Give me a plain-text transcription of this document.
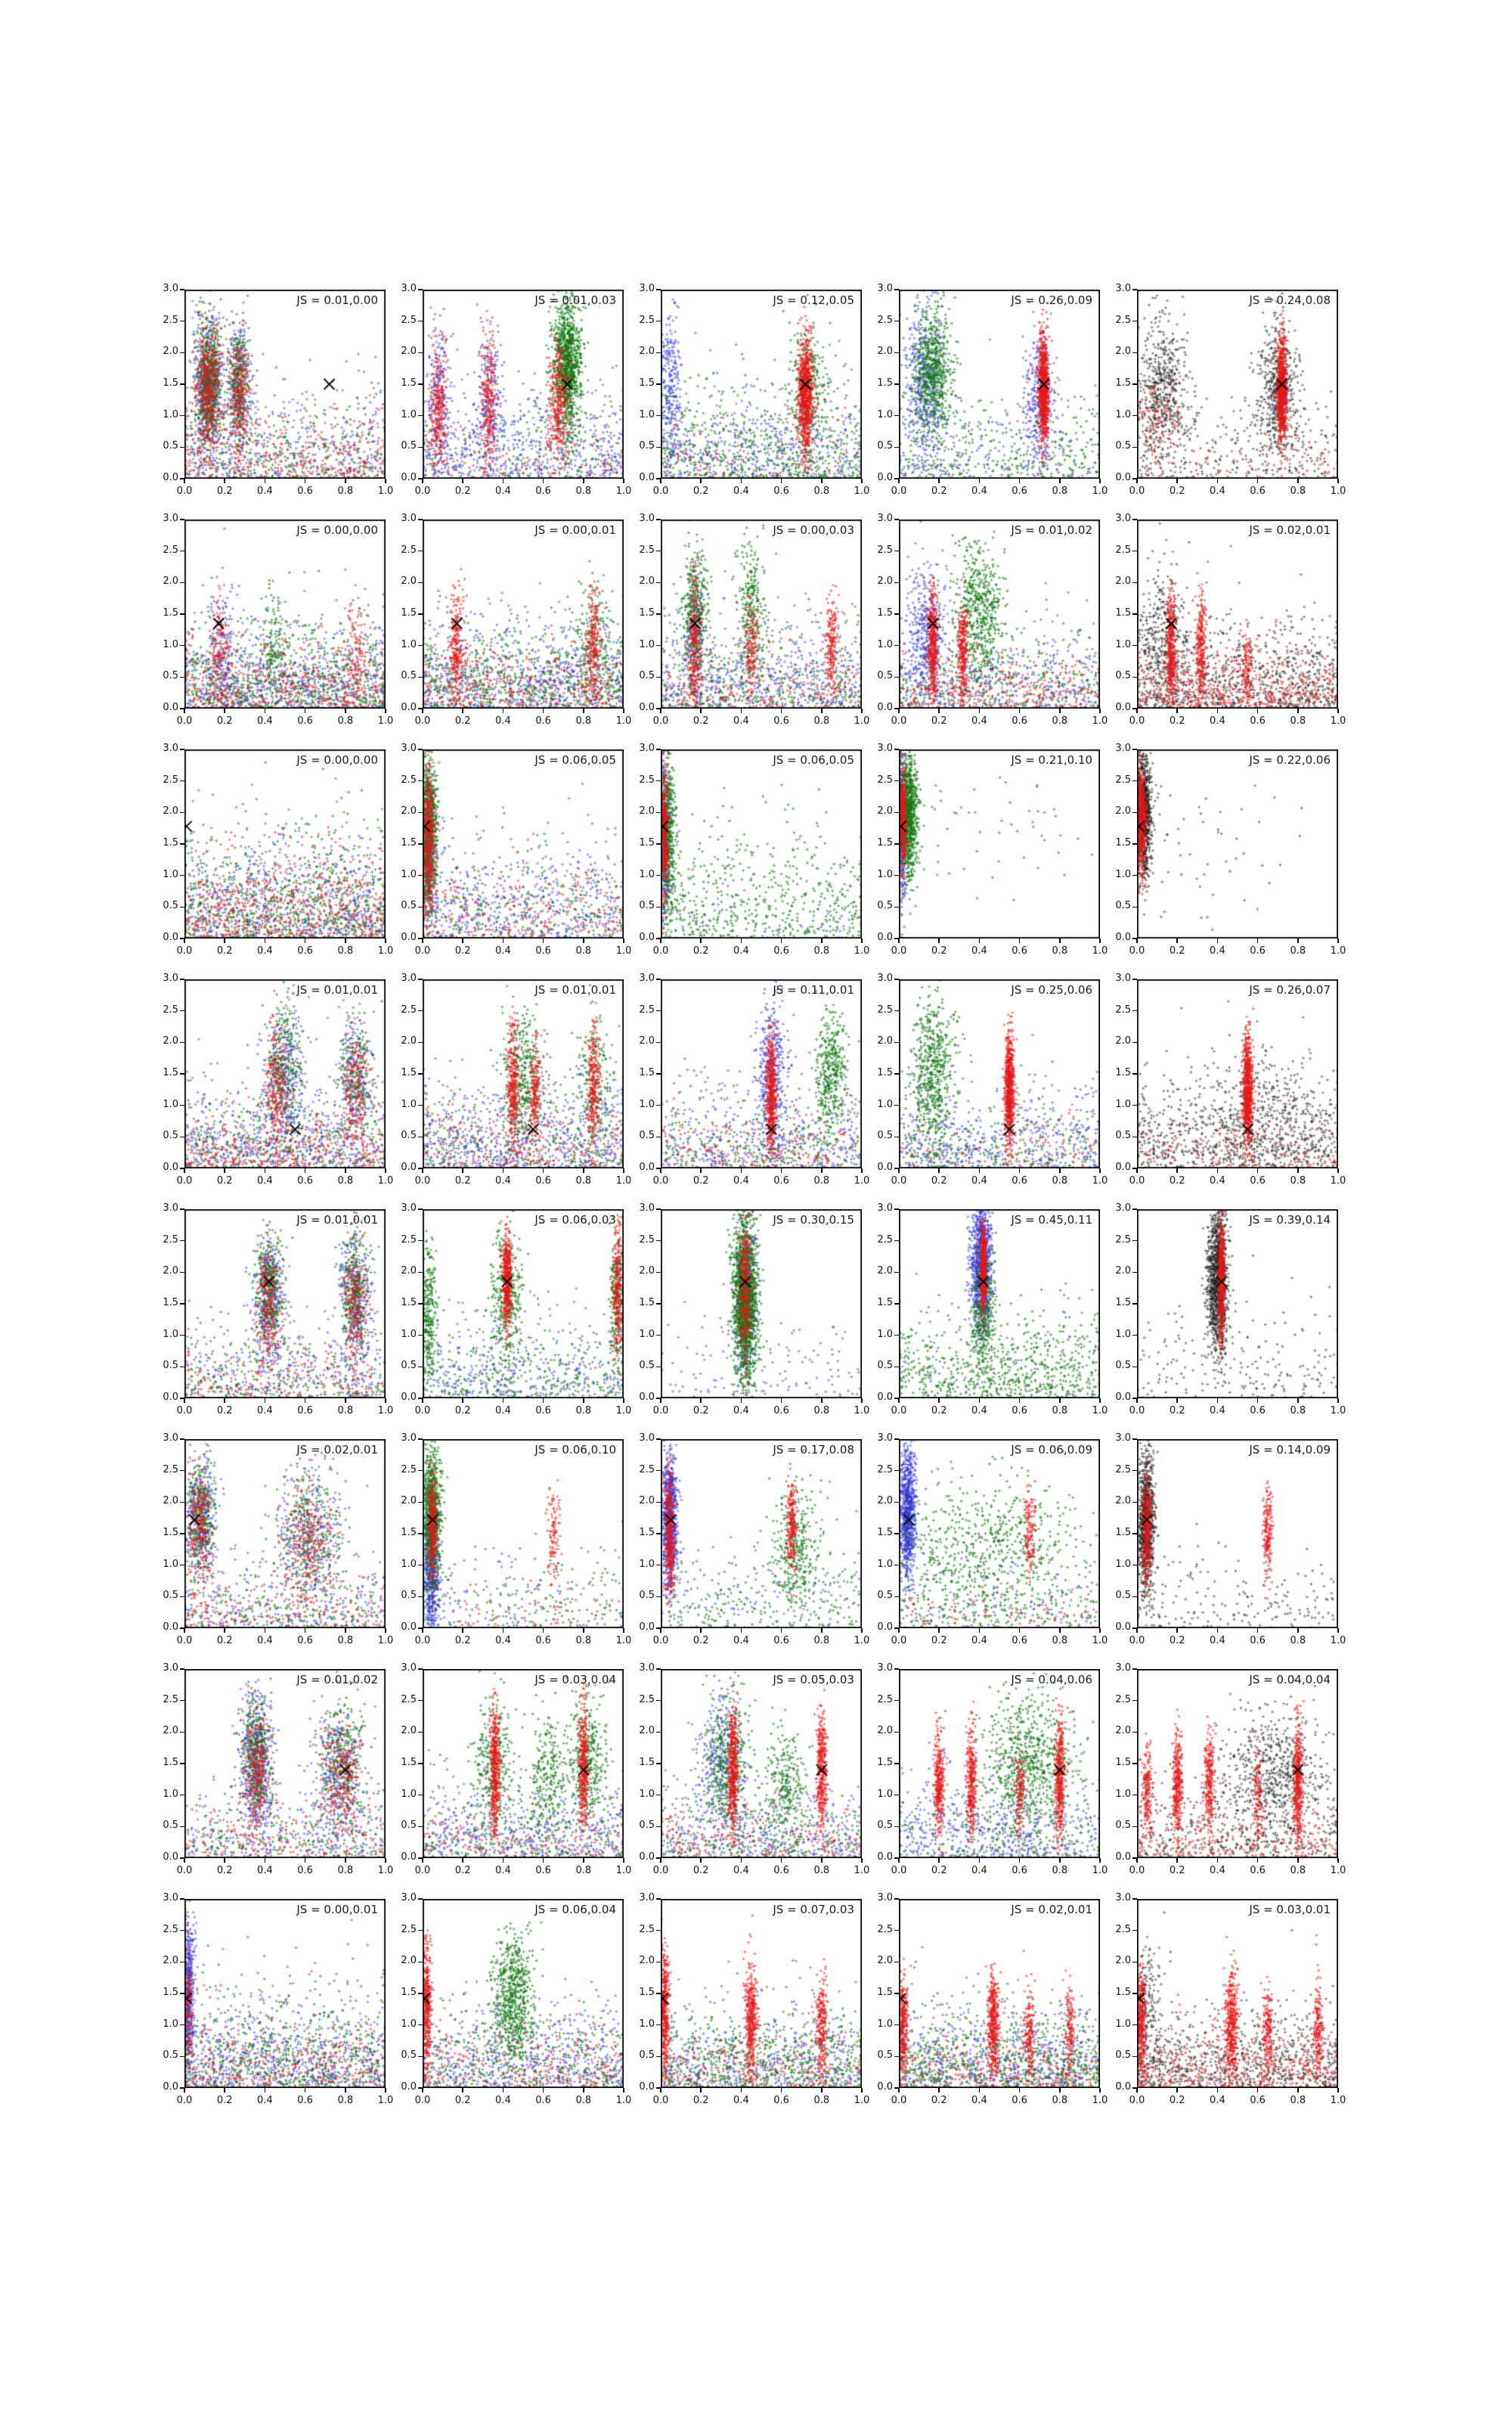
JS = 0.01,0.00
0.0	0.2	0.4	0.6	0.8	1.0
0.0
0.5
1.0
1.5
2.0
2.5
3.0
JS = 0.01,0.03
0.0	0.2	0.4	0.6	0.8	1.0
0.0
0.5
1.0
1.5
2.0
2.5
3.0
JS = 0.12,0.05
0.0	0.2	0.4	0.6	0.8	1.0
0.0
0.5
1.0
1.5
2.0
2.5
3.0
JS = 0.26,0.09
0.0	0.2	0.4	0.6	0.8	1.0
0.0
0.5
1.0
1.5
2.0
2.5
3.0
JS = 0.24,0.08
0.0	0.2	0.4	0.6	0.8	1.0
0.0
0.5
1.0
1.5
2.0
2.5
3.0
JS = 0.00,0.00
0.0	0.2	0.4	0.6	0.8	1.0
0.0
0.5
1.0
1.5
2.0
2.5
3.0
JS = 0.00,0.01
0.0	0.2	0.4	0.6	0.8	1.0
0.0
0.5
1.0
1.5
2.0
2.5
3.0
JS = 0.00,0.03
0.0	0.2	0.4	0.6	0.8	1.0
0.0
0.5
1.0
1.5
2.0
2.5
3.0
JS = 0.01,0.02
0.0	0.2	0.4	0.6	0.8	1.0
0.0
0.5
1.0
1.5
2.0
2.5
3.0
JS = 0.02,0.01
0.0	0.2	0.4	0.6	0.8	1.0
0.0
0.5
1.0
1.5
2.0
2.5
3.0
JS = 0.00,0.00
0.0	0.2	0.4	0.6	0.8	1.0
0.0
0.5
1.0
1.5
2.0
2.5
3.0
JS = 0.06,0.05
0.0	0.2	0.4	0.6	0.8	1.0
0.0
0.5
1.0
1.5
2.0
2.5
3.0
JS = 0.06,0.05
0.0	0.2	0.4	0.6	0.8	1.0
0.0
0.5
1.0
1.5
2.0
2.5
3.0
JS = 0.21,0.10
0.0	0.2	0.4	0.6	0.8	1.0
0.0
0.5
1.0
1.5
2.0
2.5
3.0
JS = 0.22,0.06
0.0	0.2	0.4	0.6	0.8	1.0
0.0
0.5
1.0
1.5
2.0
2.5
3.0
JS = 0.01,0.01
0.0	0.2	0.4	0.6	0.8	1.0
0.0
0.5
1.0
1.5
2.0
2.5
3.0
JS = 0.01,0.01
0.0	0.2	0.4	0.6	0.8	1.0
0.0
0.5
1.0
1.5
2.0
2.5
3.0
JS = 0.11,0.01
0.0	0.2	0.4	0.6	0.8	1.0
0.0
0.5
1.0
1.5
2.0
2.5
3.0
JS = 0.25,0.06
0.0	0.2	0.4	0.6	0.8	1.0
0.0
0.5
1.0
1.5
2.0
2.5
3.0
JS = 0.26,0.07
0.0	0.2	0.4	0.6	0.8	1.0
0.0
0.5
1.0
1.5
2.0
2.5
3.0
JS = 0.01,0.01
0.0	0.2	0.4	0.6	0.8	1.0
0.0
0.5
1.0
1.5
2.0
2.5
3.0
JS = 0.06,0.03
0.0	0.2	0.4	0.6	0.8	1.0
0.0
0.5
1.0
1.5
2.0
2.5
3.0
JS = 0.30,0.15
0.0	0.2	0.4	0.6	0.8	1.0
0.0
0.5
1.0
1.5
2.0
2.5
3.0
JS = 0.45,0.11
0.0	0.2	0.4	0.6	0.8	1.0
0.0
0.5
1.0
1.5
2.0
2.5
3.0
JS = 0.39,0.14
0.0	0.2	0.4	0.6	0.8	1.0
0.0
0.5
1.0
1.5
2.0
2.5
3.0
JS = 0.02,0.01
0.0	0.2	0.4	0.6	0.8	1.0
0.0
0.5
1.0
1.5
2.0
2.5
3.0
JS = 0.06,0.10
0.0	0.2	0.4	0.6	0.8	1.0
0.0
0.5
1.0
1.5
2.0
2.5
3.0
JS = 0.17,0.08
0.0	0.2	0.4	0.6	0.8	1.0
0.0
0.5
1.0
1.5
2.0
2.5
3.0
JS = 0.06,0.09
0.0	0.2	0.4	0.6	0.8	1.0
0.0
0.5
1.0
1.5
2.0
2.5
3.0
JS = 0.14,0.09
0.0	0.2	0.4	0.6	0.8	1.0
0.0
0.5
1.0
1.5
2.0
2.5
3.0
JS = 0.01,0.02
0.0	0.2	0.4	0.6	0.8	1.0
0.0
0.5
1.0
1.5
2.0
2.5
3.0
JS = 0.03,0.04
0.0	0.2	0.4	0.6	0.8	1.0
0.0
0.5
1.0
1.5
2.0
2.5
3.0
JS = 0.05,0.03
0.0	0.2	0.4	0.6	0.8	1.0
0.0
0.5
1.0
1.5
2.0
2.5
3.0
JS = 0.04,0.06
0.0	0.2	0.4	0.6	0.8	1.0
0.0
0.5
1.0
1.5
2.0
2.5
3.0
JS = 0.04,0.04
0.0	0.2	0.4	0.6	0.8	1.0
0.0
0.5
1.0
1.5
2.0
2.5
3.0
JS = 0.00,0.01
0.0	0.2	0.4	0.6	0.8	1.0
0.0
0.5
1.0
1.5
2.0
2.5
3.0
JS = 0.06,0.04
0.0	0.2	0.4	0.6	0.8	1.0
0.0
0.5
1.0
1.5
2.0
2.5
3.0
JS = 0.07,0.03
0.0	0.2	0.4	0.6	0.8	1.0
0.0
0.5
1.0
1.5
2.0
2.5
3.0
JS = 0.02,0.01
0.0	0.2	0.4	0.6	0.8	1.0
0.0
0.5
1.0
1.5
2.0
2.5
3.0
JS = 0.03,0.01
0.0	0.2	0.4	0.6	0.8	1.0
0.0
0.5
1.0
1.5
2.0
2.5
3.0
